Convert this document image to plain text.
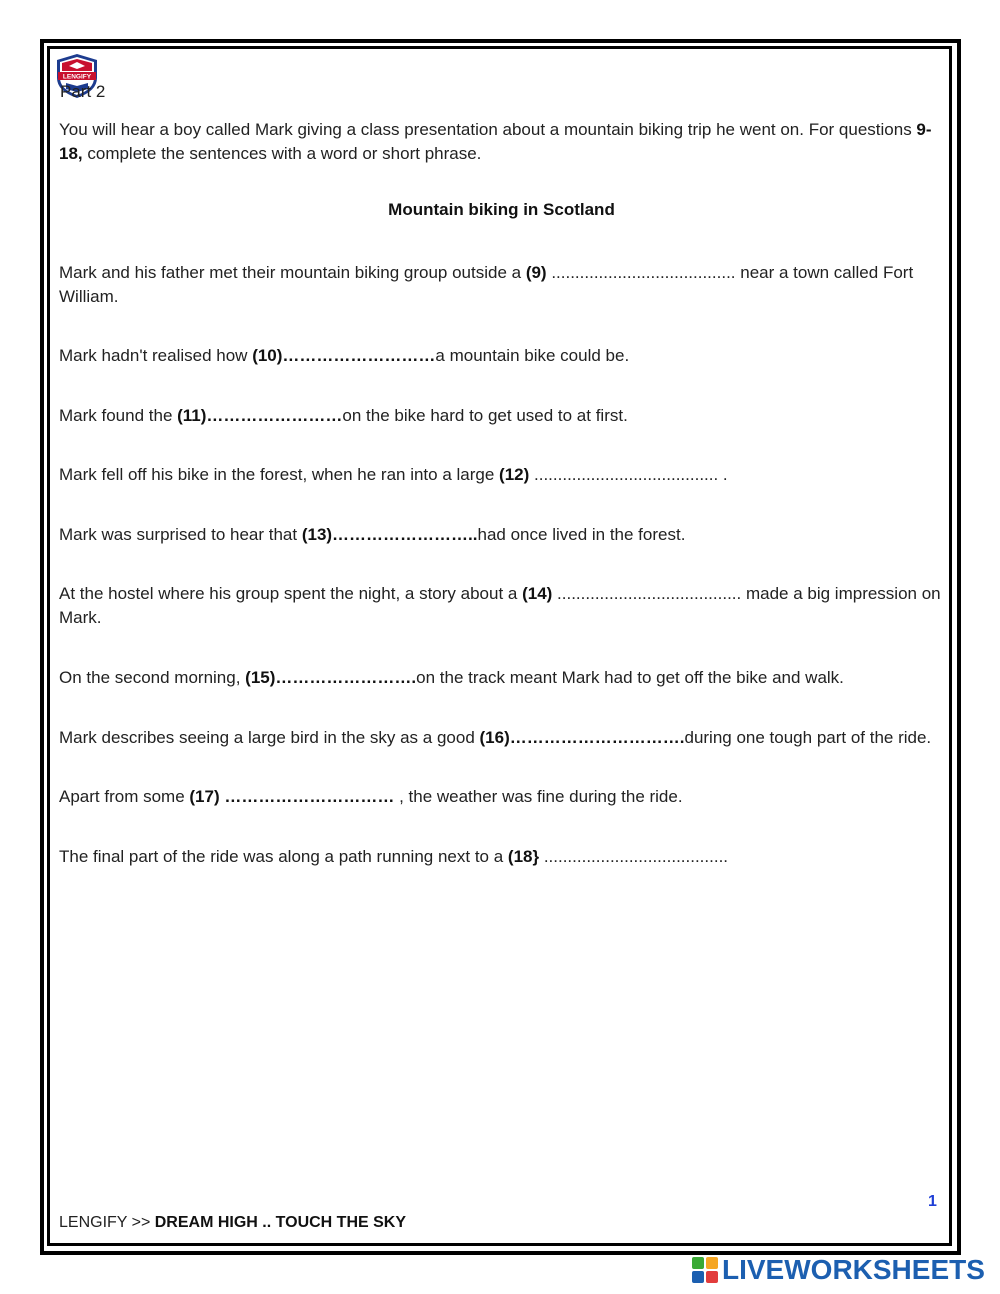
LENGIFY
Part 2
You will hear a boy called Mark giving a class presentation about a mountain biking trip he went on. For questions 9-18, complete the sentences with a word or short phrase.
Mountain biking in Scotland
Mark and his father met their mountain biking group outside a (9) ....................................... near a town called Fort William.
Mark hadn't realised how (10)………………………a mountain bike could be.
Mark found the (11)……………………on the bike hard to get used to at first.
Mark fell off his bike in the forest, when he ran into a large (12) ....................................... .
Mark was surprised to hear that (13)……………………..had once lived in the forest.
At the hostel where his group spent the night, a story about a (14) ....................................... made a big impression on Mark.
On the second morning, (15)…………………….on the track meant Mark had to get off the bike and walk.
Mark describes seeing a large bird in the sky as a good (16)………………………….during one tough part of the ride.
Apart from some (17) ………………………… , the weather was fine during the ride.
The final part of the ride was along a path running next to a (18} .......................................
1
LENGIFY >> DREAM HIGH .. TOUCH THE SKY
LIVEWORKSHEETS
